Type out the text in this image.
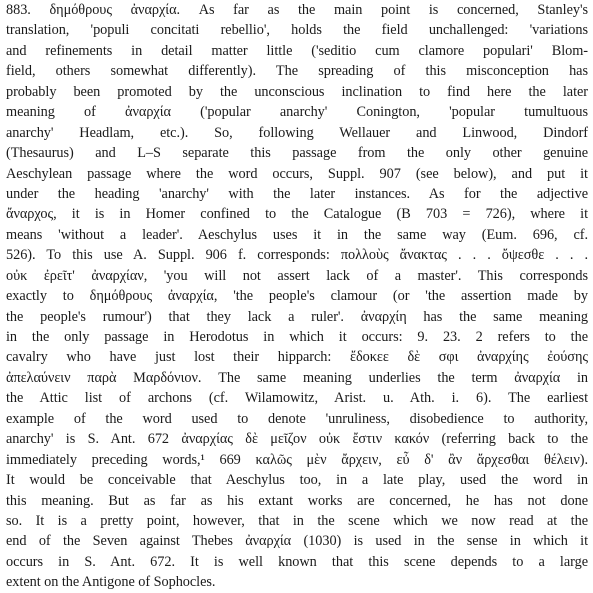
883. δημόθρους ἀναρχία. As far as the main point is concerned, Stanley's
translation, 'populi concitati rebellio', holds the field unchallenged: 'variations
and refinements in detail matter little ('seditio cum clamore populari' Blom-
field, others somewhat differently). The spreading of this misconception has
probably been promoted by the unconscious inclination to find here the later
meaning of ἀναρχία ('popular anarchy' Conington, 'popular tumultuous
anarchy' Headlam, etc.). So, following Wellauer and Linwood, Dindorf
(Thesaurus) and L–S separate this passage from the only other genuine
Aeschylean passage where the word occurs, Suppl. 907 (see below), and put it
under the heading 'anarchy' with the later instances. As for the adjective
ἄναρχος, it is in Homer confined to the Catalogue (B 703 = 726), where it
means 'without a leader'. Aeschylus uses it in the same way (Eum. 696, cf.
526). To this use A. Suppl. 906 f. corresponds: πολλοὺς ἄνακτας . . . ὄψεσθε . . .
οὐκ ἐρεῖτ' ἀναρχίαν, 'you will not assert lack of a master'. This corresponds
exactly to δημόθρους ἀναρχία, 'the people's clamour (or 'the assertion made by
the people's rumour') that they lack a ruler'. ἀναρχίη has the same meaning
in the only passage in Herodotus in which it occurs: 9. 23. 2 refers to the
cavalry who have just lost their hipparch: ἔδοκεε δὲ σφι ἀναρχίης ἐούσης
ἀπελαύνειν παρὰ Μαρδόνιον. The same meaning underlies the term ἀναρχία in
the Attic list of archons (cf. Wilamowitz, Arist. u. Ath. i. 6). The earliest
example of the word used to denote 'unruliness, disobedience to authority,
anarchy' is S. Ant. 672 ἀναρχίας δὲ μεῖζον οὐκ ἔστιν κακόν (referring back to the
immediately preceding words,¹ 669 καλῶς μὲν ἄρχειν, εὖ δ' ἂν ἄρχεσθαι θέλειν).
It would be conceivable that Aeschylus too, in a late play, used the word in
this meaning. But as far as his extant works are concerned, he has not done
so. It is a pretty point, however, that in the scene which we now read at the
end of the Seven against Thebes ἀναρχία (1030) is used in the sense in which it
occurs in S. Ant. 672. It is well known that this scene depends to a large
extent on the Antigone of Sophocles.
